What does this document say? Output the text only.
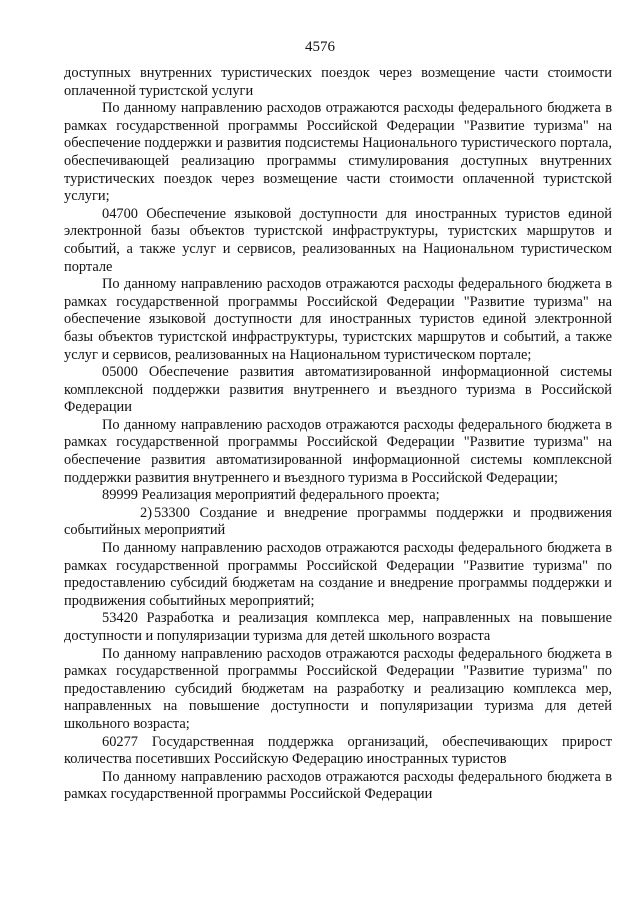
4576

доступных внутренних туристических поездок через возмещение части стоимости оплаченной туристской услуги

По данному направлению расходов отражаются расходы федерального бюджета в рамках государственной программы Российской Федерации "Развитие туризма" на обеспечение поддержки и развития подсистемы Национального туристического портала, обеспечивающей реализацию программы стимулирования доступных внутренних туристических поездок через возмещение части стоимости оплаченной туристской услуги;

04700 Обеспечение языковой доступности для иностранных туристов единой электронной базы объектов туристской инфраструктуры, туристских маршрутов и событий, а также услуг и сервисов, реализованных на Национальном туристическом портале

По данному направлению расходов отражаются расходы федерального бюджета в рамках государственной программы Российской Федерации "Развитие туризма" на обеспечение языковой доступности для иностранных туристов единой электронной базы объектов туристской инфраструктуры, туристских маршрутов и событий, а также услуг и сервисов, реализованных на Национальном туристическом портале;

05000 Обеспечение развития автоматизированной информационной системы комплексной поддержки развития внутреннего и въездного туризма в Российской Федерации

По данному направлению расходов отражаются расходы федерального бюджета в рамках государственной программы Российской Федерации "Развитие туризма" на обеспечение развития автоматизированной информационной системы комплексной поддержки развития внутреннего и въездного туризма в Российской Федерации;

89999 Реализация мероприятий федерального проекта;

2) 53300 Создание и внедрение программы поддержки и продвижения событийных мероприятий

По данному направлению расходов отражаются расходы федерального бюджета в рамках государственной программы Российской Федерации "Развитие туризма" по предоставлению субсидий бюджетам на создание и внедрение программы поддержки и продвижения событийных мероприятий;

53420 Разработка и реализация комплекса мер, направленных на повышение доступности и популяризации туризма для детей школьного возраста

По данному направлению расходов отражаются расходы федерального бюджета в рамках государственной программы Российской Федерации "Развитие туризма" по предоставлению субсидий бюджетам на разработку и реализацию комплекса мер, направленных на повышение доступности и популяризации туризма для детей школьного возраста;

60277 Государственная поддержка организаций, обеспечивающих прирост количества посетивших Российскую Федерацию иностранных туристов

По данному направлению расходов отражаются расходы федерального бюджета в рамках государственной программы Российской Федерации
